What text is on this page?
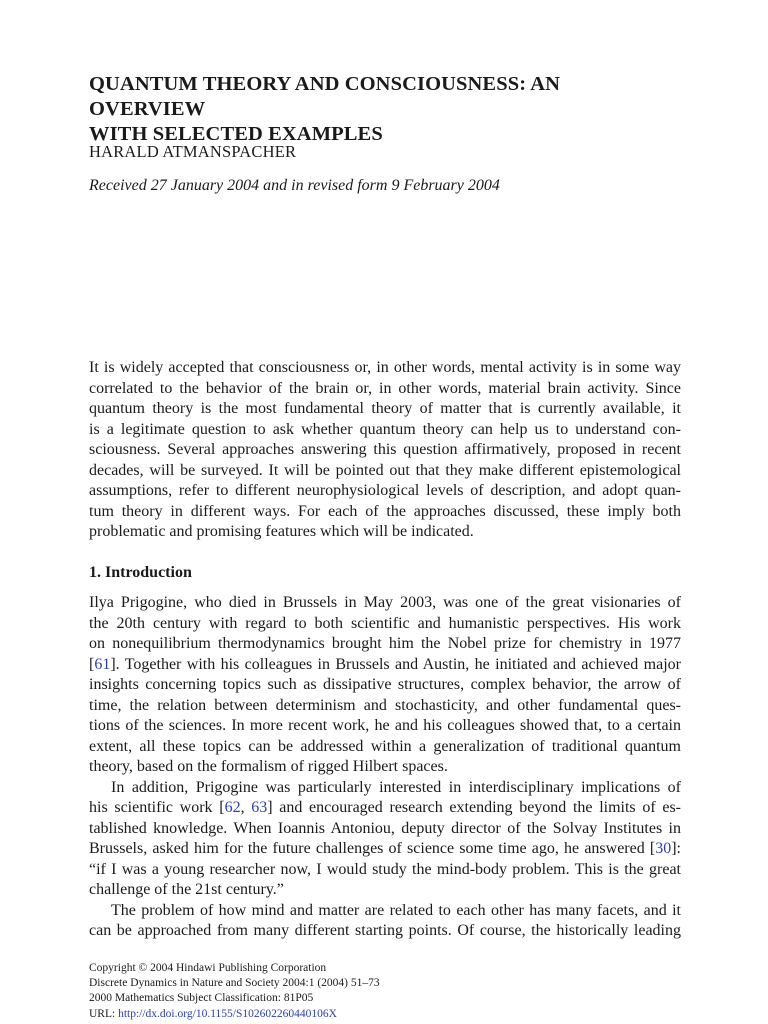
QUANTUM THEORY AND CONSCIOUSNESS: AN OVERVIEW
WITH SELECTED EXAMPLES
HARALD ATMANSPACHER
Received 27 January 2004 and in revised form 9 February 2004
It is widely accepted that consciousness or, in other words, mental activity is in some way
correlated to the behavior of the brain or, in other words, material brain activity. Since
quantum theory is the most fundamental theory of matter that is currently available, it
is a legitimate question to ask whether quantum theory can help us to understand con-
sciousness. Several approaches answering this question affirmatively, proposed in recent
decades, will be surveyed. It will be pointed out that they make different epistemological
assumptions, refer to different neurophysiological levels of description, and adopt quan-
tum theory in different ways. For each of the approaches discussed, these imply both
problematic and promising features which will be indicated.
1. Introduction
Ilya Prigogine, who died in Brussels in May 2003, was one of the great visionaries of
the 20th century with regard to both scientific and humanistic perspectives. His work
on nonequilibrium thermodynamics brought him the Nobel prize for chemistry in 1977
[61]. Together with his colleagues in Brussels and Austin, he initiated and achieved major
insights concerning topics such as dissipative structures, complex behavior, the arrow of
time, the relation between determinism and stochasticity, and other fundamental ques-
tions of the sciences. In more recent work, he and his colleagues showed that, to a certain
extent, all these topics can be addressed within a generalization of traditional quantum
theory, based on the formalism of rigged Hilbert spaces.
In addition, Prigogine was particularly interested in interdisciplinary implications of
his scientific work [62, 63] and encouraged research extending beyond the limits of es-
tablished knowledge. When Ioannis Antoniou, deputy director of the Solvay Institutes in
Brussels, asked him for the future challenges of science some time ago, he answered [30]:
“if I was a young researcher now, I would study the mind-body problem. This is the great
challenge of the 21st century.”
The problem of how mind and matter are related to each other has many facets, and it
can be approached from many different starting points. Of course, the historically leading
Copyright © 2004 Hindawi Publishing Corporation
Discrete Dynamics in Nature and Society 2004:1 (2004) 51–73
2000 Mathematics Subject Classification: 81P05
URL: http://dx.doi.org/10.1155/S102602260440106X
